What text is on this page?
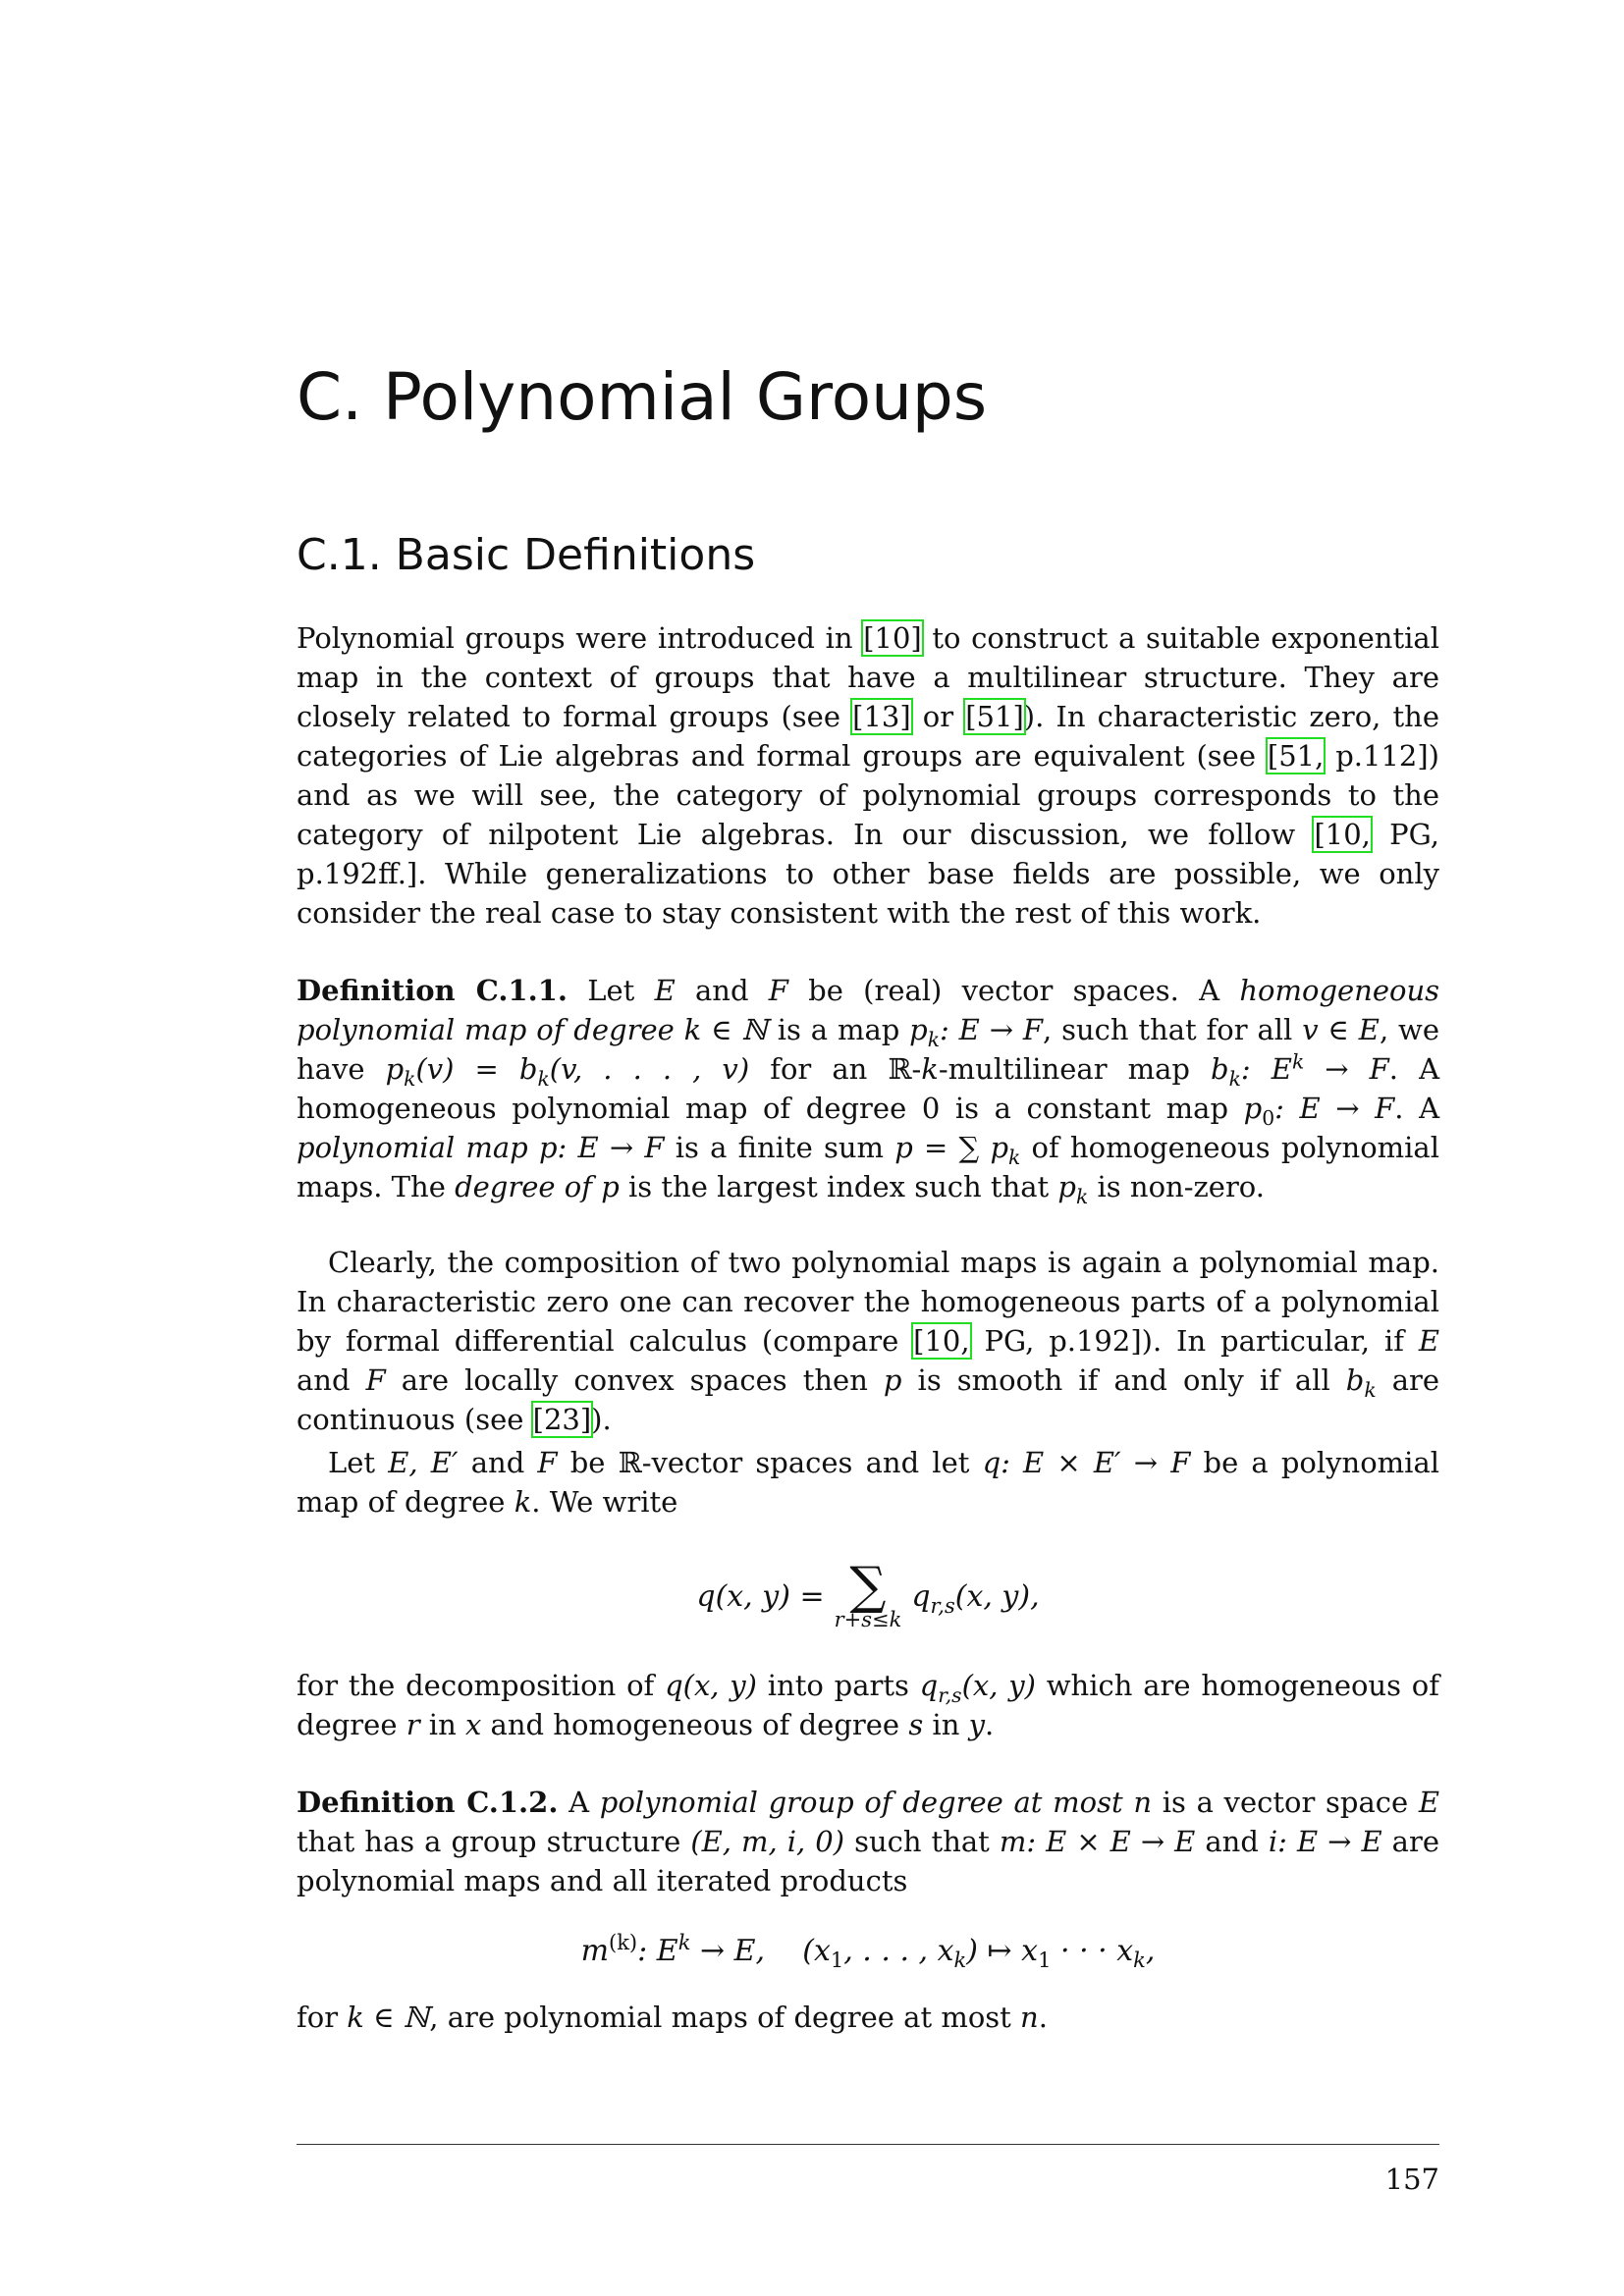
C. Polynomial Groups
C.1. Basic Definitions

Polynomial groups were introduced in [10] to construct a suitable exponential map in the context of groups that have a multilinear structure. They are closely related to formal groups (see [13] or [51]). In characteristic zero, the categories of Lie algebras and formal groups are equivalent (see [51, p.112]) and as we will see, the category of polynomial groups corresponds to the category of nilpotent Lie algebras. In our discussion, we follow [10, PG, p.192ff.]. While generalizations to other base fields are possible, we only consider the real case to stay consistent with the rest of this work.

Definition C.1.1. Let E and F be (real) vector spaces. A homogeneous polynomial map of degree k ∈ ℕ is a map $p_k$: E → F, such that for all v ∈ E, we have $p_k(v) = b_k(v$, . . . , v) for an ℝ-k-multilinear map $b_k$: $E^k \to F$. A homogeneous polynomial map of degree 0 is a constant map $p_0$: E → F. A polynomial map p: E → F is a finite sum p = ∑ $p_k$ of homogeneous polynomial maps. The degree of p is the largest index such that $p_k$ is non-zero.

Clearly, the composition of two polynomial maps is again a polynomial map. In characteristic zero one can recover the homogeneous parts of a polynomial by formal differential calculus (compare [10, PG, p.192]). In particular, if E and F are locally convex spaces then p is smooth if and only if all $b_k$ are continuous (see [23]).

Let E, E′ and F be ℝ-vector spaces and let q: E × E′ → F be a polynomial map of degree k. We write

q(x, y) = ∑
r+s≤k
$q_{r,s}(x$, y),

for the decomposition of q(x, y) into parts $q_{r,s}(x$, y) which are homogeneous of degree r in x and homogeneous of degree s in y.

Definition C.1.2. A polynomial group of degree at most n is a vector space E that has a group structure (E, m, i, 0) such that m: E × E → E and i: E → E are polynomial maps and all iterated products

$m^{(k)}$: $E^k \to E$, ($x_1$, . . . , $x_k$) ↦ $x_1$ · · · $x_k$,

for k ∈ ℕ, are polynomial maps of degree at most n.

157
